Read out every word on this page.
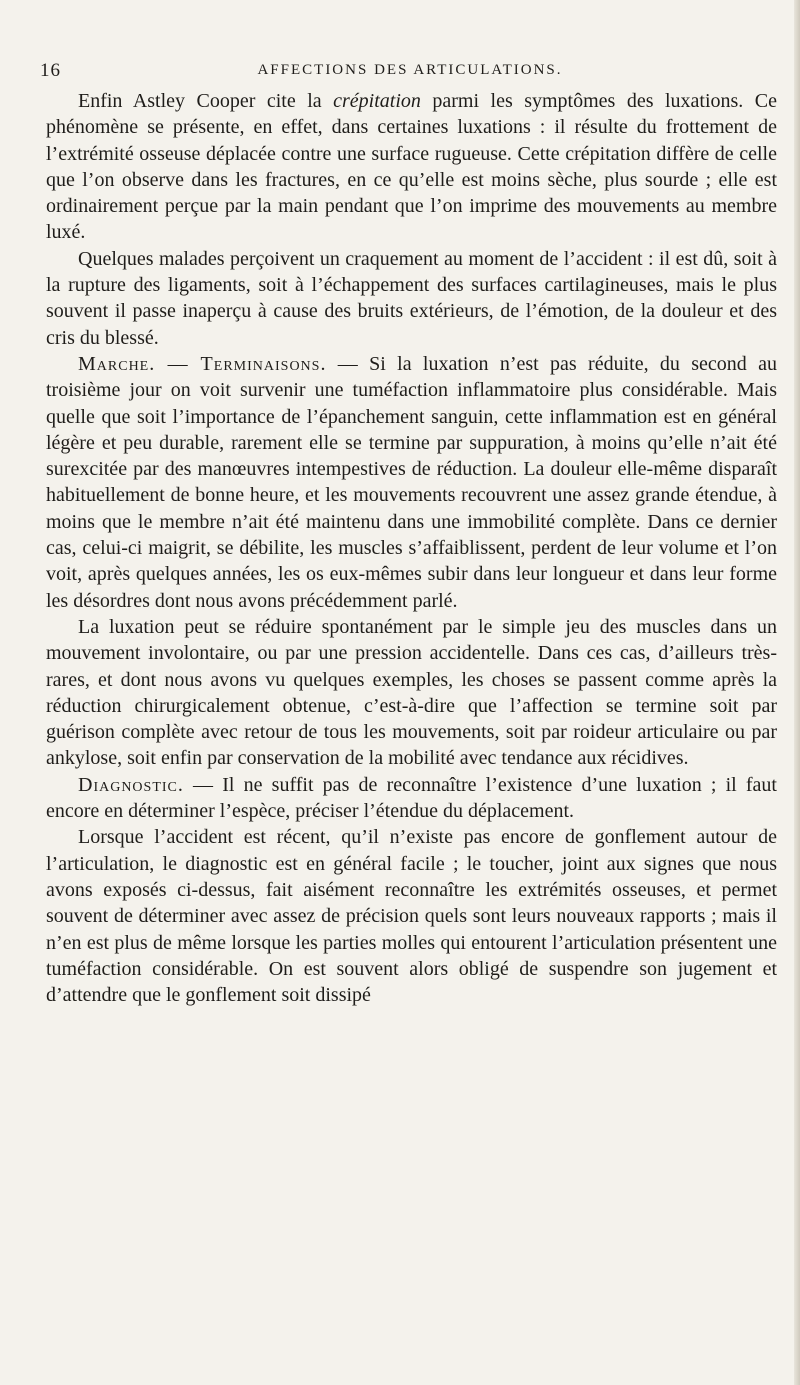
16	AFFECTIONS DES ARTICULATIONS.

Enfin Astley Cooper cite la crépitation parmi les symptômes des luxations. Ce phénomène se présente, en effet, dans certaines luxations : il résulte du frottement de l’extrémité osseuse déplacée contre une surface rugueuse. Cette crépitation diffère de celle que l’on observe dans les fractures, en ce qu’elle est moins sèche, plus sourde ; elle est ordinairement perçue par la main pendant que l’on imprime des mouvements au membre luxé.

Quelques malades perçoivent un craquement au moment de l’accident : il est dû, soit à la rupture des ligaments, soit à l’échappement des surfaces cartilagineuses, mais le plus souvent il passe inaperçu à cause des bruits extérieurs, de l’émotion, de la douleur et des cris du blessé.

Marche. — Terminaisons. — Si la luxation n’est pas réduite, du second au troisième jour on voit survenir une tuméfaction inflammatoire plus considérable. Mais quelle que soit l’importance de l’épanchement sanguin, cette inflammation est en général légère et peu durable, rarement elle se termine par suppuration, à moins qu’elle n’ait été surexcitée par des manœuvres intempestives de réduction. La douleur elle-même disparaît habituellement de bonne heure, et les mouvements recouvrent une assez grande étendue, à moins que le membre n’ait été maintenu dans une immobilité complète. Dans ce dernier cas, celui-ci maigrit, se débilite, les muscles s’affaiblissent, perdent de leur volume et l’on voit, après quelques années, les os eux-mêmes subir dans leur longueur et dans leur forme les désordres dont nous avons précédemment parlé.

La luxation peut se réduire spontanément par le simple jeu des muscles dans un mouvement involontaire, ou par une pression accidentelle. Dans ces cas, d’ailleurs très-rares, et dont nous avons vu quelques exemples, les choses se passent comme après la réduction chirurgicalement obtenue, c’est-à-dire que l’affection se termine soit par guérison complète avec retour de tous les mouvements, soit par roideur articulaire ou par ankylose, soit enfin par conservation de la mobilité avec tendance aux récidives.

Diagnostic. — Il ne suffit pas de reconnaître l’existence d’une luxation ; il faut encore en déterminer l’espèce, préciser l’étendue du déplacement.

Lorsque l’accident est récent, qu’il n’existe pas encore de gonflement autour de l’articulation, le diagnostic est en général facile ; le toucher, joint aux signes que nous avons exposés ci-dessus, fait aisément reconnaître les extrémités osseuses, et permet souvent de déterminer avec assez de précision quels sont leurs nouveaux rapports ; mais il n’en est plus de même lorsque les parties molles qui entourent l’articulation présentent une tuméfaction considérable. On est souvent alors obligé de suspendre son jugement et d’attendre que le gonflement soit dissipé
